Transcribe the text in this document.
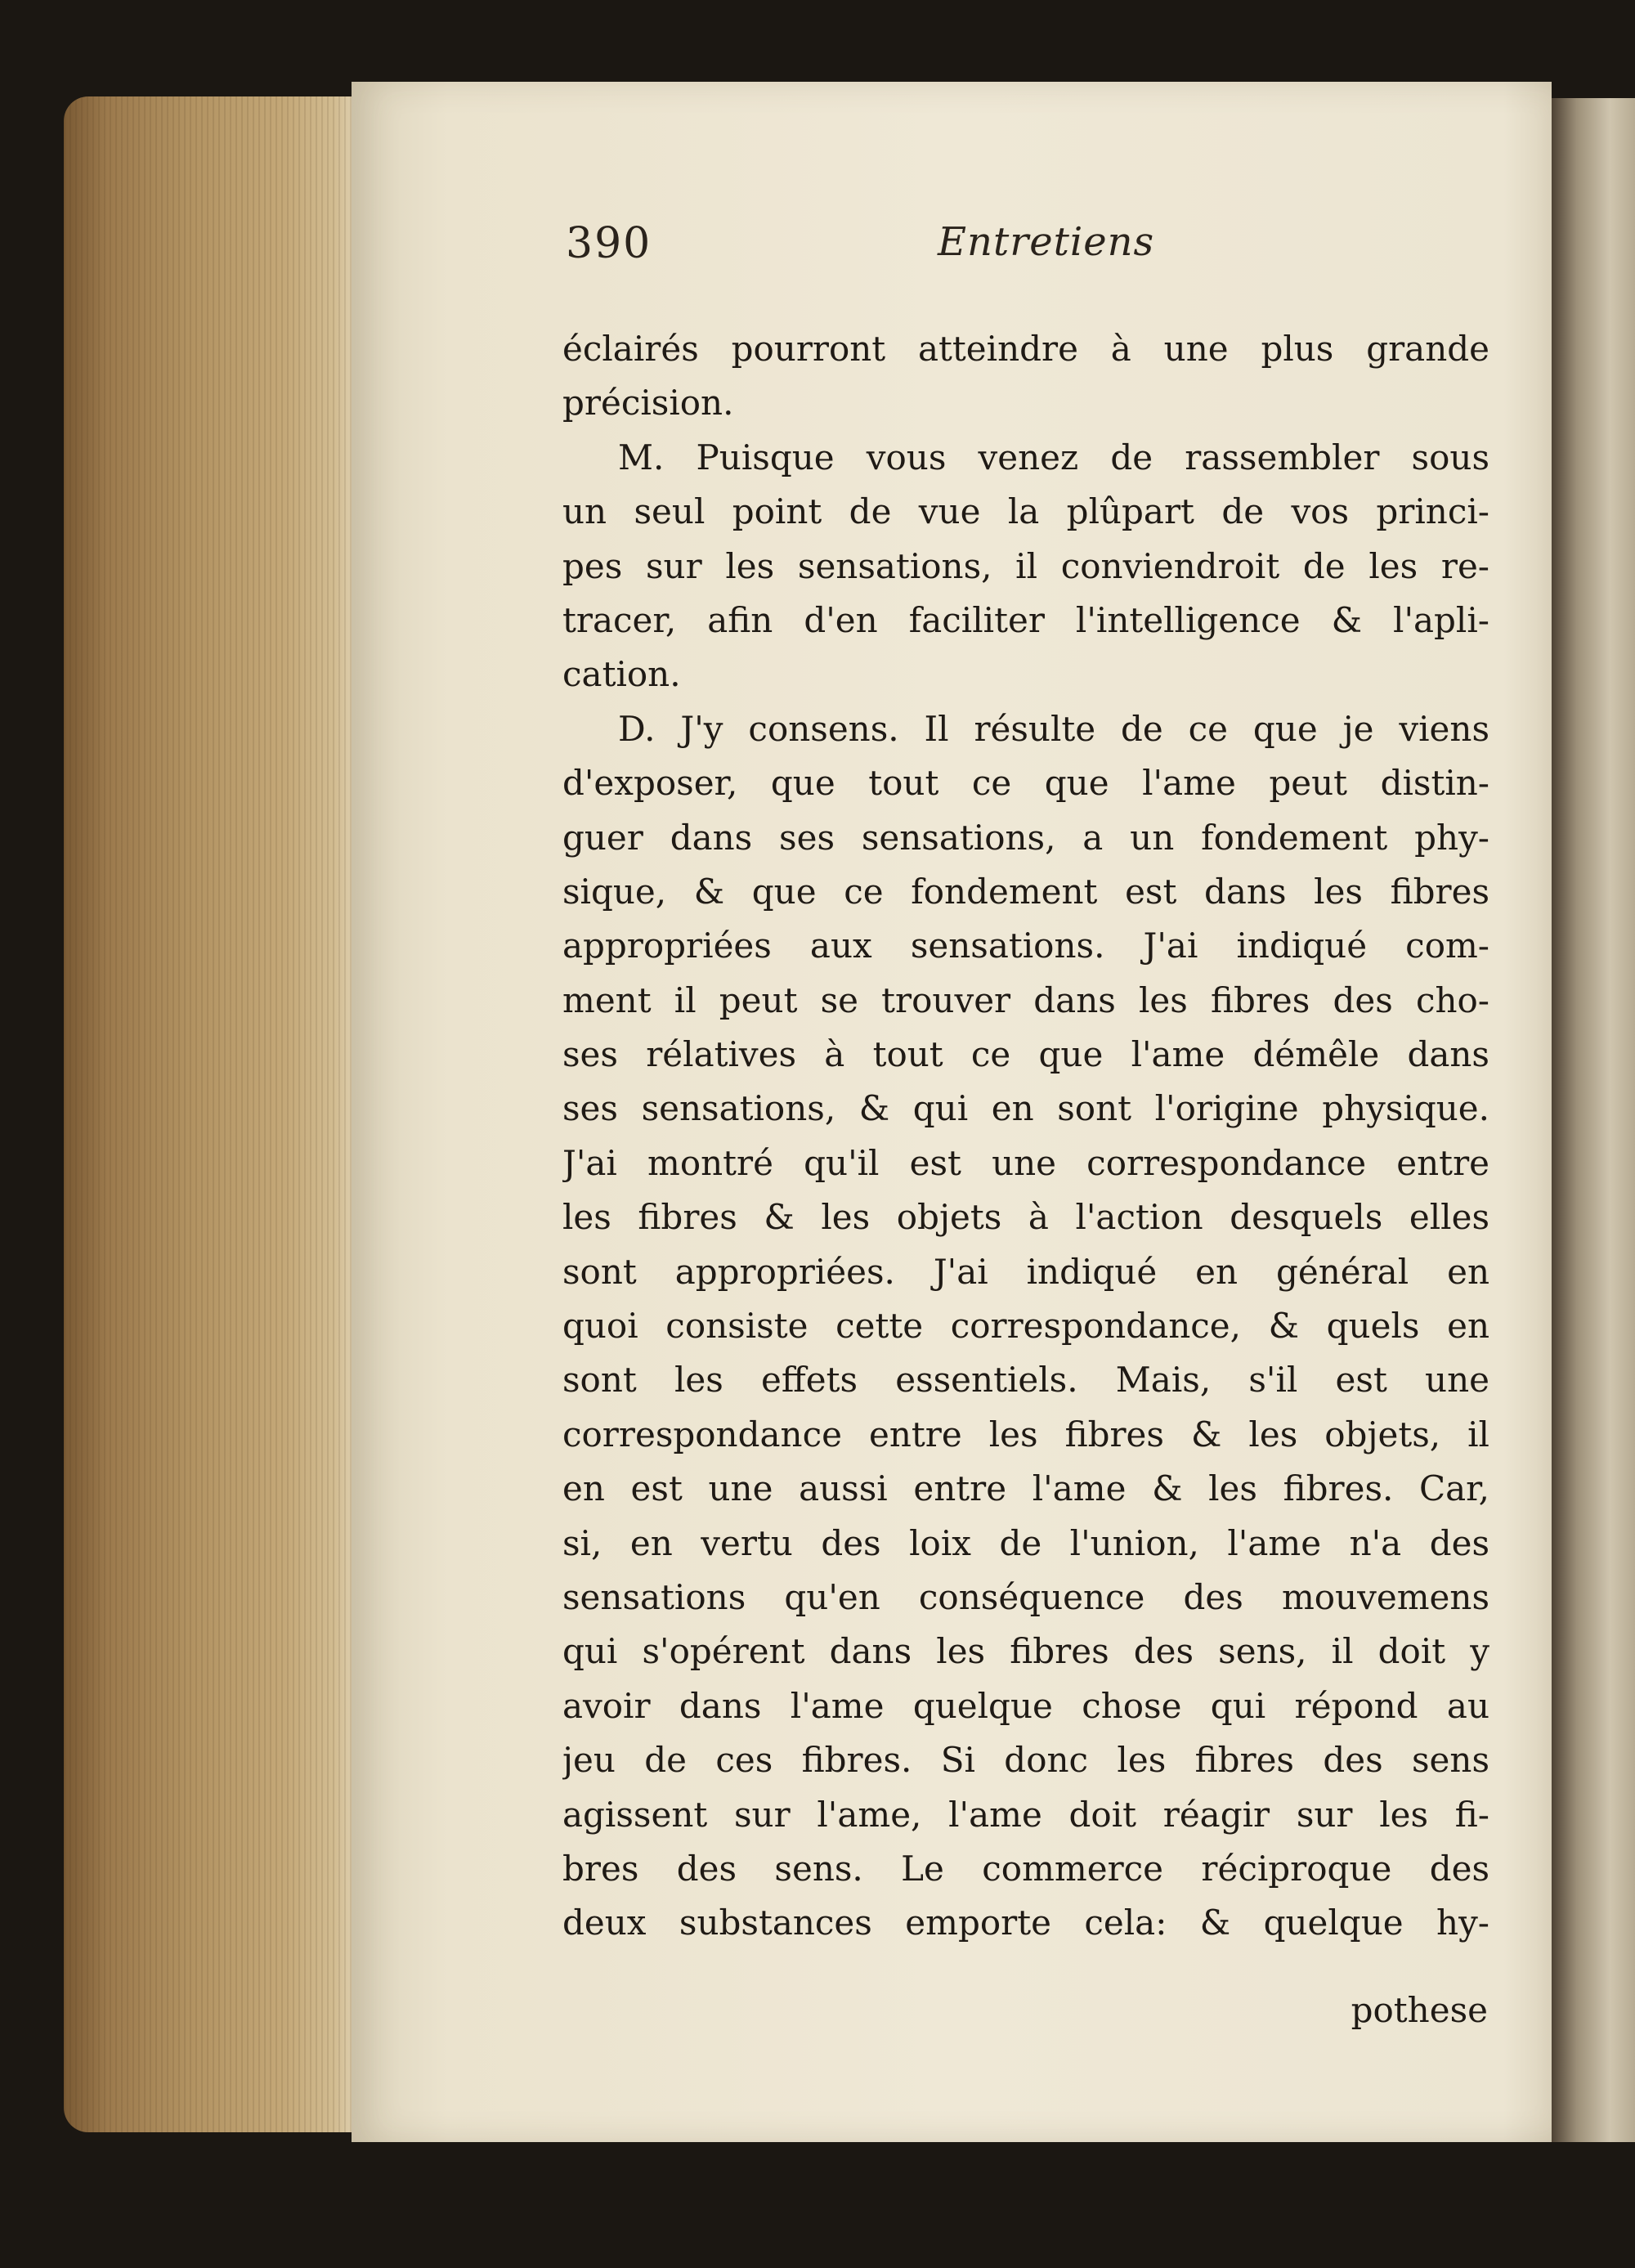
390	Entretiens
éclairés pourront atteindre à une plus grande
précision.
M. Puisque vous venez de rassembler sous
un seul point de vue la plûpart de vos princi-
pes sur les sensations, il conviendroit de les re-
tracer, afin d'en faciliter l'intelligence & l'apli-
cation.
D. J'y consens. Il résulte de ce que je viens
d'exposer, que tout ce que l'ame peut distin-
guer dans ses sensations, a un fondement phy-
sique, & que ce fondement est dans les fibres
appropriées aux sensations. J'ai indiqué com-
ment il peut se trouver dans les fibres des cho-
ses rélatives à tout ce que l'ame démêle dans
ses sensations, & qui en sont l'origine physique.
J'ai montré qu'il est une correspondance entre
les fibres & les objets à l'action desquels elles
sont appropriées. J'ai indiqué en général en
quoi consiste cette correspondance, & quels en
sont les effets essentiels. Mais, s'il est une
correspondance entre les fibres & les objets, il
en est une aussi entre l'ame & les fibres. Car,
si, en vertu des loix de l'union, l'ame n'a des
sensations qu'en conséquence des mouvemens
qui s'opérent dans les fibres des sens, il doit y
avoir dans l'ame quelque chose qui répond au
jeu de ces fibres. Si donc les fibres des sens
agissent sur l'ame, l'ame doit réagir sur les fi-
bres des sens. Le commerce réciproque des
deux substances emporte cela: & quelque hy-
pothese
